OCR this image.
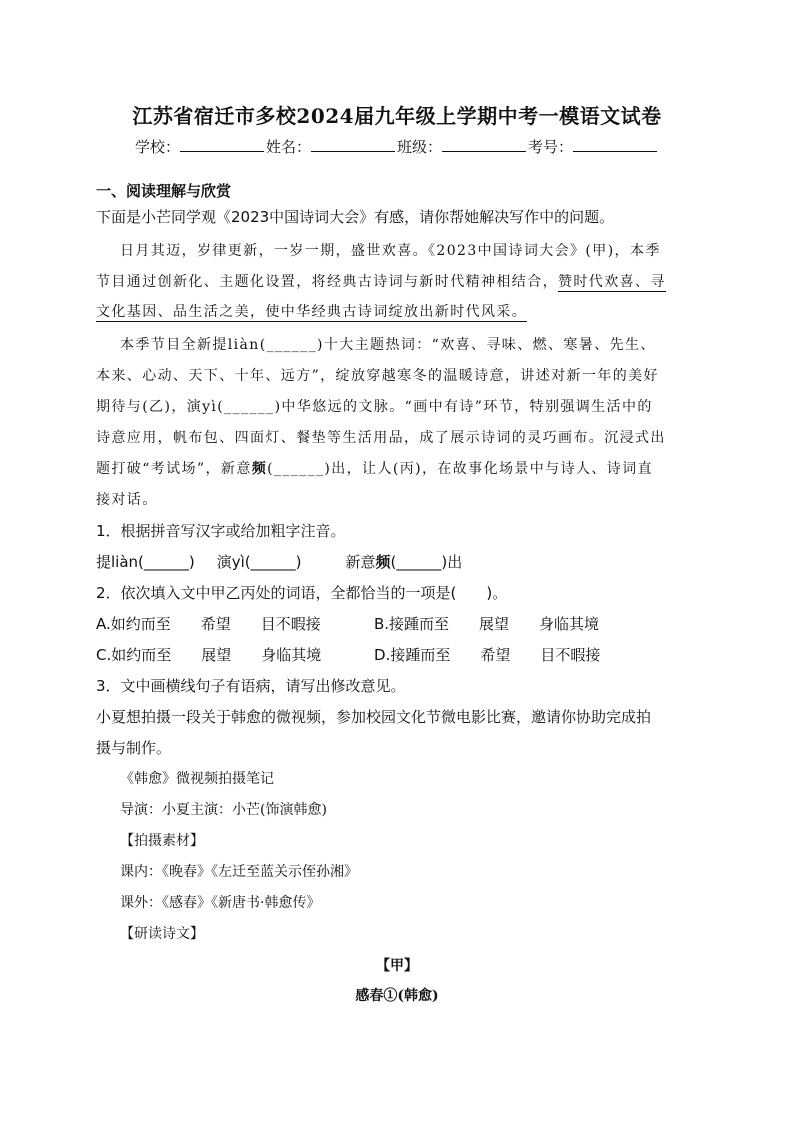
江苏省宿迁市多校2024届九年级上学期中考一模语文试卷
学校：	姓名：	班级：	考号：
一、阅读理解与欣赏
下面是小芒同学观《2023中国诗词大会》有感，请你帮她解决写作中的问题。
日月其迈，岁律更新，一岁一期，盛世欢喜。《2023中国诗词大会》(甲)，本季
节目通过创新化、主题化设置，将经典古诗词与新时代精神相结合，赞时代欢喜、寻
文化基因、品生活之美，使中华经典古诗词绽放出新时代风采。
本季节目全新提liàn(______)十大主题热词：“欢喜、寻味、燃、寒暑、先生、
本来、心动、天下、十年、远方”，绽放穿越寒冬的温暖诗意，讲述对新一年的美好
期待与(乙)，演yì(______)中华悠远的文脉。“画中有诗”环节，特别强调生活中的
诗意应用，帆布包、四面灯、餐垫等生活用品，成了展示诗词的灵巧画布。沉浸式出
题打破“考试场”，新意频(______)出，让人(丙)，在故事化场景中与诗人、诗词直
接对话。
1．根据拼音写汉字或给加粗字注音。
提liàn(______) 演yì(______)	新意频(______)出
2．依次填入文中甲乙丙处的词语，全都恰当的一项是(　　)。
A.如约而至　　希望　　目不暇接	B.接踵而至　　展望　　身临其境
C.如约而至　　展望　　身临其境	D.接踵而至　　希望　　目不暇接
3．文中画横线句子有语病，请写出修改意见。
小夏想拍摄一段关于韩愈的微视频，参加校园文化节微电影比赛，邀请你协助完成拍
摄与制作。
《韩愈》微视频拍摄笔记
导演：小夏主演：小芒(饰演韩愈)
【拍摄素材】
课内：《晚春》《左迁至蓝关示侄孙湘》
课外：《感春》《新唐书·韩愈传》
【研读诗文】
【甲】
感春①(韩愈)
